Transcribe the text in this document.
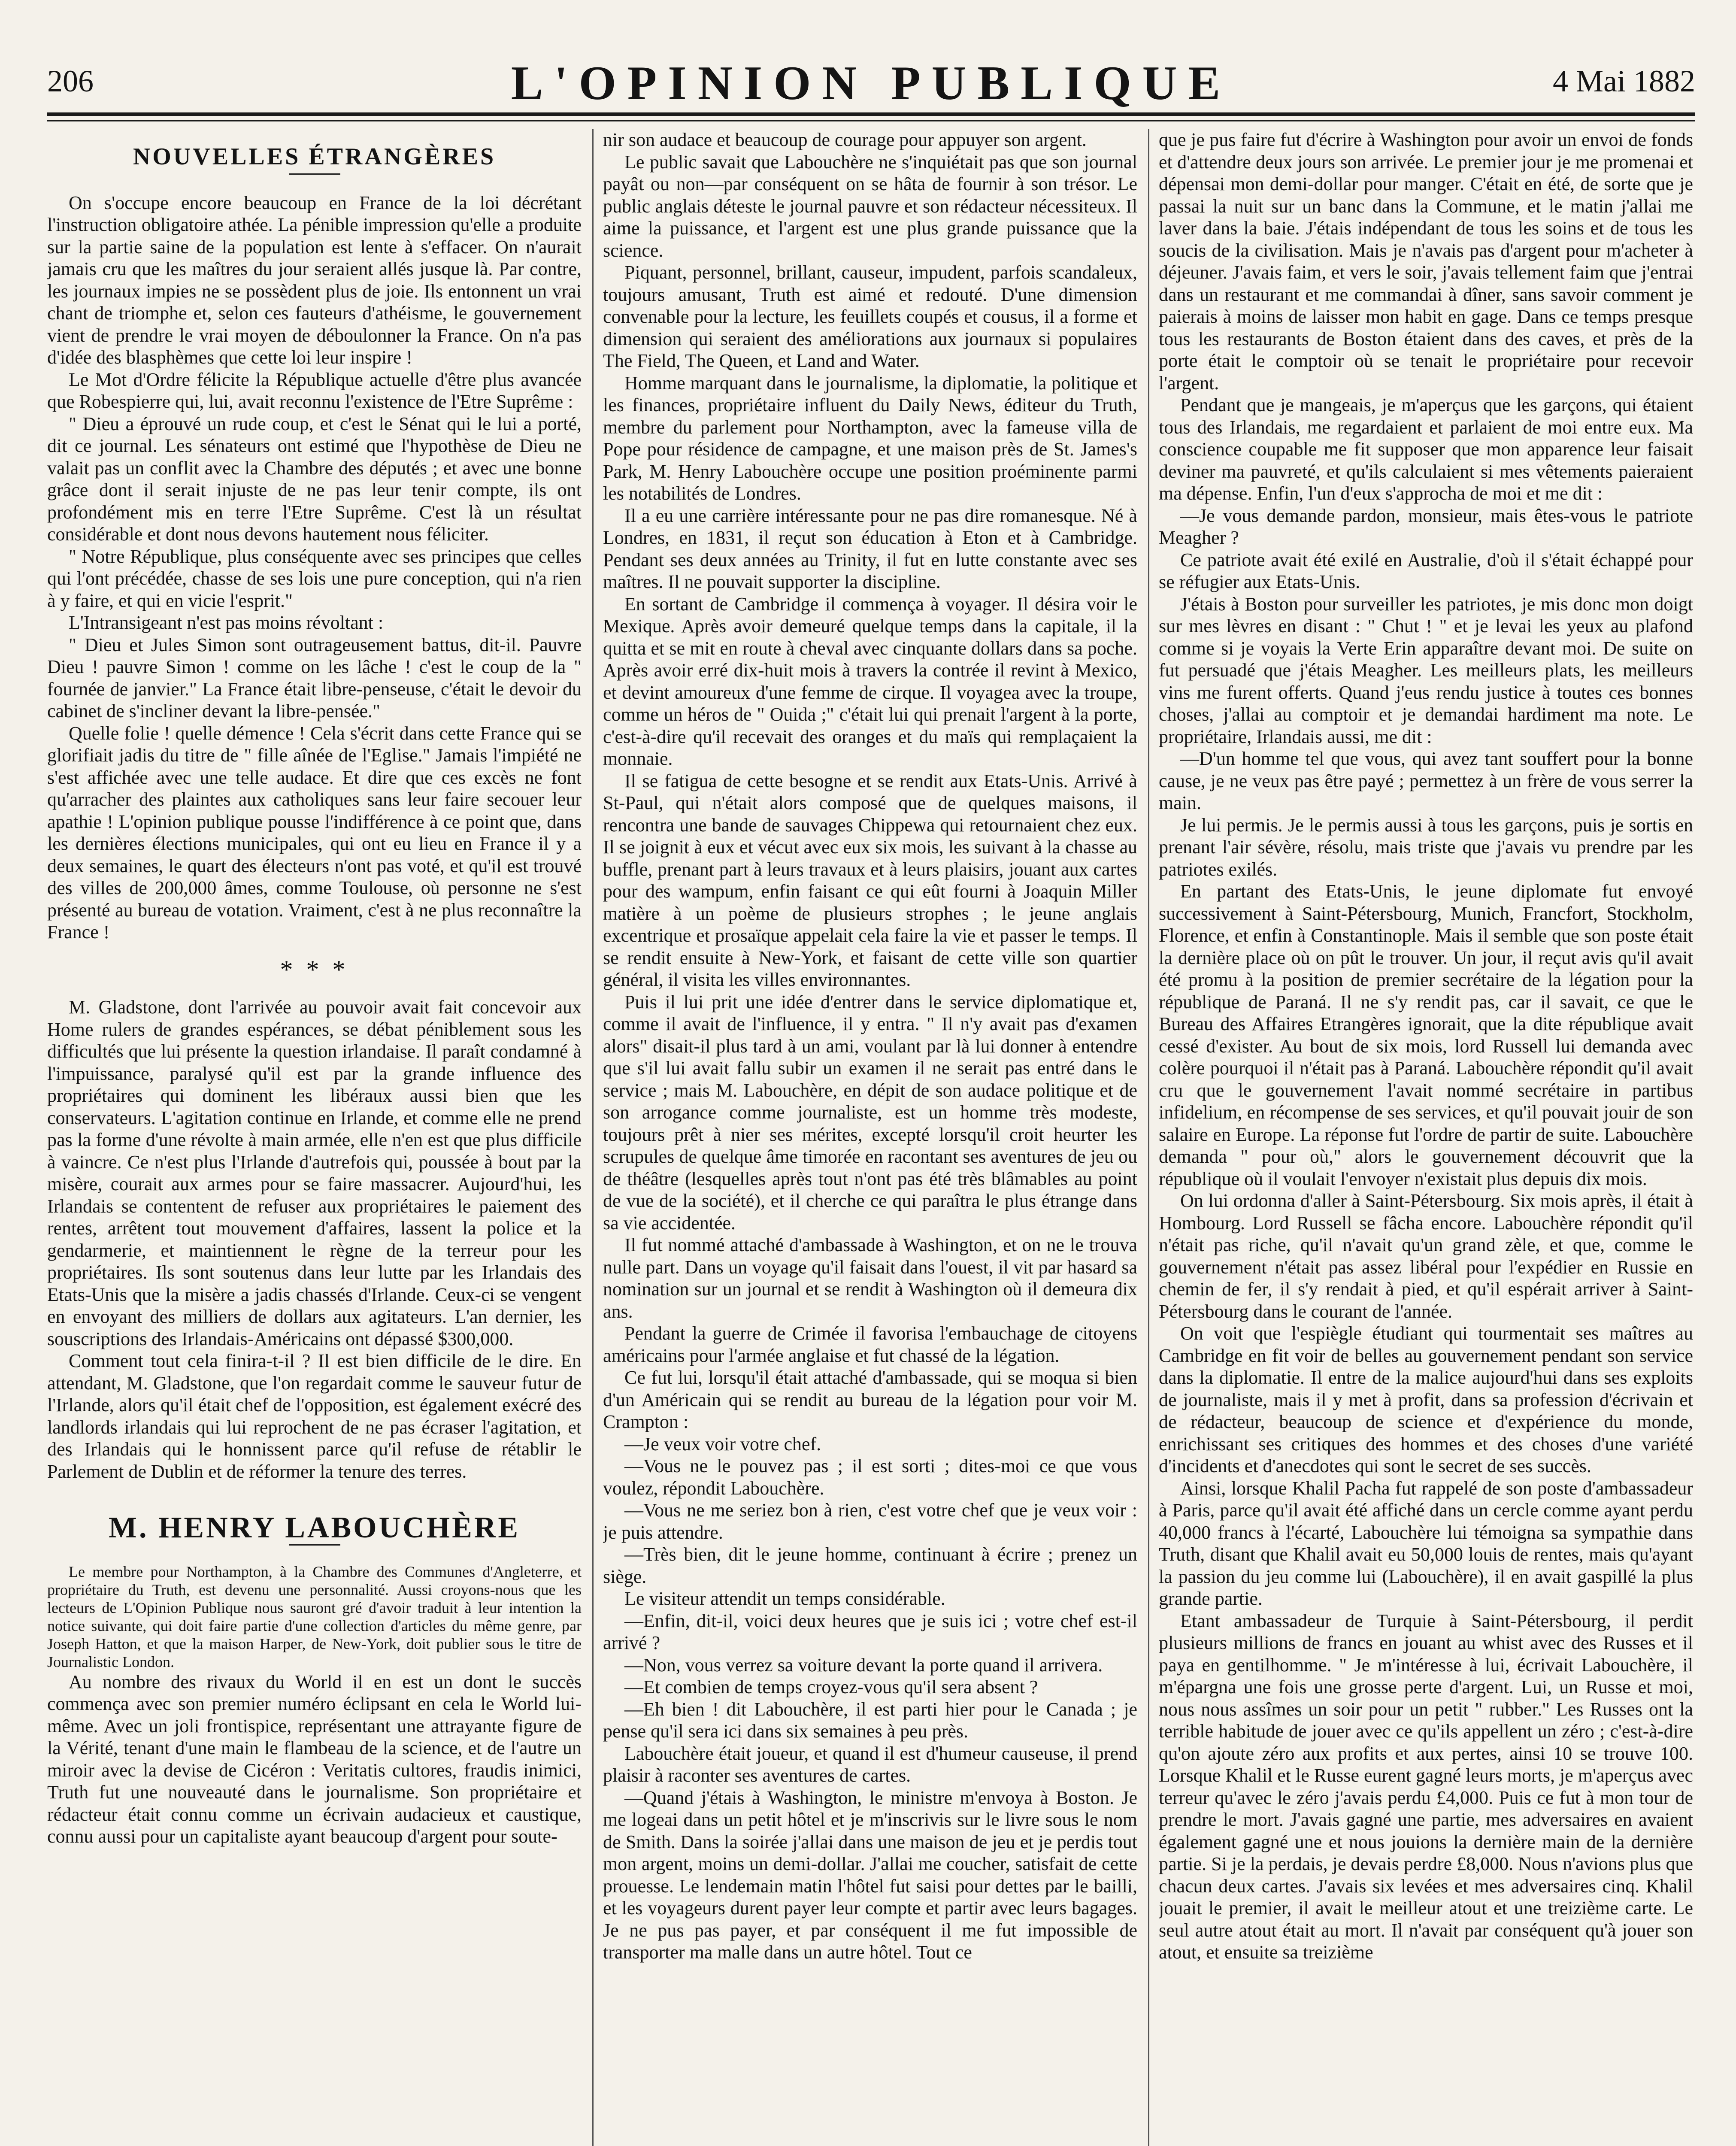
206	L'OPINION PUBLIQUE	4 Mai 1882
NOUVELLES ÉTRANGÈRES

On s'occupe encore beaucoup en France de la loi décrétant l'instruction obligatoire athée. La pénible impression qu'elle a produite sur la partie saine de la population est lente à s'effacer. On n'aurait jamais cru que les maîtres du jour seraient allés jusque là. Par contre, les journaux impies ne se possèdent plus de joie. Ils entonnent un vrai chant de triomphe et, selon ces fauteurs d'athéisme, le gouvernement vient de prendre le vrai moyen de déboulonner la France. On n'a pas d'idée des blasphèmes que cette loi leur inspire !

Le Mot d'Ordre félicite la République actuelle d'être plus avancée que Robespierre qui, lui, avait reconnu l'existence de l'Etre Suprême :

" Dieu a éprouvé un rude coup, et c'est le Sénat qui le lui a porté, dit ce journal. Les sénateurs ont estimé que l'hypothèse de Dieu ne valait pas un conflit avec la Chambre des députés ; et avec une bonne grâce dont il serait injuste de ne pas leur tenir compte, ils ont profondément mis en terre l'Etre Suprême. C'est là un résultat considérable et dont nous devons hautement nous féliciter.

" Notre République, plus conséquente avec ses principes que celles qui l'ont précédée, chasse de ses lois une pure conception, qui n'a rien à y faire, et qui en vicie l'esprit."

L'Intransigeant n'est pas moins révoltant :

" Dieu et Jules Simon sont outrageusement battus, dit-il. Pauvre Dieu ! pauvre Simon ! comme on les lâche ! c'est le coup de la " fournée de janvier." La France était libre-penseuse, c'était le devoir du cabinet de s'incliner devant la libre-pensée."

Quelle folie ! quelle démence ! Cela s'écrit dans cette France qui se glorifiait jadis du titre de " fille aînée de l'Eglise." Jamais l'impiété ne s'est affichée avec une telle audace. Et dire que ces excès ne font qu'arracher des plaintes aux catholiques sans leur faire secouer leur apathie ! L'opinion publique pousse l'indifférence à ce point que, dans les dernières élections municipales, qui ont eu lieu en France il y a deux semaines, le quart des électeurs n'ont pas voté, et qu'il est trouvé des villes de 200,000 âmes, comme Toulouse, où personne ne s'est présenté au bureau de votation. Vraiment, c'est à ne plus reconnaître la France !

* * *

M. Gladstone, dont l'arrivée au pouvoir avait fait concevoir aux Home rulers de grandes espérances, se débat péniblement sous les difficultés que lui présente la question irlandaise. Il paraît condamné à l'impuissance, paralysé qu'il est par la grande influence des propriétaires qui dominent les libéraux aussi bien que les conservateurs. L'agitation continue en Irlande, et comme elle ne prend pas la forme d'une révolte à main armée, elle n'en est que plus difficile à vaincre. Ce n'est plus l'Irlande d'autrefois qui, poussée à bout par la misère, courait aux armes pour se faire massacrer. Aujourd'hui, les Irlandais se contentent de refuser aux propriétaires le paiement des rentes, arrêtent tout mouvement d'affaires, lassent la police et la gendarmerie, et maintiennent le règne de la terreur pour les propriétaires. Ils sont soutenus dans leur lutte par les Irlandais des Etats-Unis que la misère a jadis chassés d'Irlande. Ceux-ci se vengent en envoyant des milliers de dollars aux agitateurs. L'an dernier, les souscriptions des Irlandais-Américains ont dépassé $300,000.

Comment tout cela finira-t-il ? Il est bien difficile de le dire. En attendant, M. Gladstone, que l'on regardait comme le sauveur futur de l'Irlande, alors qu'il était chef de l'opposition, est également exécré des landlords irlandais qui lui reprochent de ne pas écraser l'agitation, et des Irlandais qui le honnissent parce qu'il refuse de rétablir le Parlement de Dublin et de réformer la tenure des terres.

M. HENRY LABOUCHÈRE

Le membre pour Northampton, à la Chambre des Communes d'Angleterre, et propriétaire du Truth, est devenu une personnalité. Aussi croyons-nous que les lecteurs de L'Opinion Publique nous sauront gré d'avoir traduit à leur intention la notice suivante, qui doit faire partie d'une collection d'articles du même genre, par Joseph Hatton, et que la maison Harper, de New-York, doit publier sous le titre de Journalistic London.

Au nombre des rivaux du World il en est un dont le succès commença avec son premier numéro éclipsant en cela le World lui-même. Avec un joli frontispice, représentant une attrayante figure de la Vérité, tenant d'une main le flambeau de la science, et de l'autre un miroir avec la devise de Cicéron : Veritatis cultores, fraudis inimici, Truth fut une nouveauté dans le journalisme. Son propriétaire et rédacteur était connu comme un écrivain audacieux et caustique, connu aussi pour un capitaliste ayant beaucoup d'argent pour soute-

nir son audace et beaucoup de courage pour appuyer son argent.

Le public savait que Labouchère ne s'inquiétait pas que son journal payât ou non—par conséquent on se hâta de fournir à son trésor. Le public anglais déteste le journal pauvre et son rédacteur nécessiteux. Il aime la puissance, et l'argent est une plus grande puissance que la science.

Piquant, personnel, brillant, causeur, impudent, parfois scandaleux, toujours amusant, Truth est aimé et redouté. D'une dimension convenable pour la lecture, les feuillets coupés et cousus, il a forme et dimension qui seraient des améliorations aux journaux si populaires The Field, The Queen, et Land and Water.

Homme marquant dans le journalisme, la diplomatie, la politique et les finances, propriétaire influent du Daily News, éditeur du Truth, membre du parlement pour Northampton, avec la fameuse villa de Pope pour résidence de campagne, et une maison près de St. James's Park, M. Henry Labouchère occupe une position proéminente parmi les notabilités de Londres.

Il a eu une carrière intéressante pour ne pas dire romanesque. Né à Londres, en 1831, il reçut son éducation à Eton et à Cambridge. Pendant ses deux années au Trinity, il fut en lutte constante avec ses maîtres. Il ne pouvait supporter la discipline.

En sortant de Cambridge il commença à voyager. Il désira voir le Mexique. Après avoir demeuré quelque temps dans la capitale, il la quitta et se mit en route à cheval avec cinquante dollars dans sa poche. Après avoir erré dix-huit mois à travers la contrée il revint à Mexico, et devint amoureux d'une femme de cirque. Il voyagea avec la troupe, comme un héros de " Ouida ;" c'était lui qui prenait l'argent à la porte, c'est-à-dire qu'il recevait des oranges et du maïs qui remplaçaient la monnaie.

Il se fatigua de cette besogne et se rendit aux Etats-Unis. Arrivé à St-Paul, qui n'était alors composé que de quelques maisons, il rencontra une bande de sauvages Chippewa qui retournaient chez eux. Il se joignit à eux et vécut avec eux six mois, les suivant à la chasse au buffle, prenant part à leurs travaux et à leurs plaisirs, jouant aux cartes pour des wampum, enfin faisant ce qui eût fourni à Joaquin Miller matière à un poème de plusieurs strophes ; le jeune anglais excentrique et prosaïque appelait cela faire la vie et passer le temps. Il se rendit ensuite à New-York, et faisant de cette ville son quartier général, il visita les villes environnantes.

Puis il lui prit une idée d'entrer dans le service diplomatique et, comme il avait de l'influence, il y entra. " Il n'y avait pas d'examen alors" disait-il plus tard à un ami, voulant par là lui donner à entendre que s'il lui avait fallu subir un examen il ne serait pas entré dans le service ; mais M. Labouchère, en dépit de son audace politique et de son arrogance comme journaliste, est un homme très modeste, toujours prêt à nier ses mérites, excepté lorsqu'il croit heurter les scrupules de quelque âme timorée en racontant ses aventures de jeu ou de théâtre (lesquelles après tout n'ont pas été très blâmables au point de vue de la société), et il cherche ce qui paraîtra le plus étrange dans sa vie accidentée.

Il fut nommé attaché d'ambassade à Washington, et on ne le trouva nulle part. Dans un voyage qu'il faisait dans l'ouest, il vit par hasard sa nomination sur un journal et se rendit à Washington où il demeura dix ans.

Pendant la guerre de Crimée il favorisa l'embauchage de citoyens américains pour l'armée anglaise et fut chassé de la légation.

Ce fut lui, lorsqu'il était attaché d'ambassade, qui se moqua si bien d'un Américain qui se rendit au bureau de la légation pour voir M. Crampton :

—Je veux voir votre chef.

—Vous ne le pouvez pas ; il est sorti ; dites-moi ce que vous voulez, répondit Labouchère.

—Vous ne me seriez bon à rien, c'est votre chef que je veux voir : je puis attendre.

—Très bien, dit le jeune homme, continuant à écrire ; prenez un siège.

Le visiteur attendit un temps considérable.

—Enfin, dit-il, voici deux heures que je suis ici ; votre chef est-il arrivé ?

—Non, vous verrez sa voiture devant la porte quand il arrivera.

—Et combien de temps croyez-vous qu'il sera absent ?

—Eh bien ! dit Labouchère, il est parti hier pour le Canada ; je pense qu'il sera ici dans six semaines à peu près.

Labouchère était joueur, et quand il est d'humeur causeuse, il prend plaisir à raconter ses aventures de cartes.

—Quand j'étais à Washington, le ministre m'envoya à Boston. Je me logeai dans un petit hôtel et je m'inscrivis sur le livre sous le nom de Smith. Dans la soirée j'allai dans une maison de jeu et je perdis tout mon argent, moins un demi-dollar. J'allai me coucher, satisfait de cette prouesse. Le lendemain matin l'hôtel fut saisi pour dettes par le bailli, et les voyageurs durent payer leur compte et partir avec leurs bagages. Je ne pus pas payer, et par conséquent il me fut impossible de transporter ma malle dans un autre hôtel. Tout ce

que je pus faire fut d'écrire à Washington pour avoir un envoi de fonds et d'attendre deux jours son arrivée. Le premier jour je me promenai et dépensai mon demi-dollar pour manger. C'était en été, de sorte que je passai la nuit sur un banc dans la Commune, et le matin j'allai me laver dans la baie. J'étais indépendant de tous les soins et de tous les soucis de la civilisation. Mais je n'avais pas d'argent pour m'acheter à déjeuner. J'avais faim, et vers le soir, j'avais tellement faim que j'entrai dans un restaurant et me commandai à dîner, sans savoir comment je paierais à moins de laisser mon habit en gage. Dans ce temps presque tous les restaurants de Boston étaient dans des caves, et près de la porte était le comptoir où se tenait le propriétaire pour recevoir l'argent.

Pendant que je mangeais, je m'aperçus que les garçons, qui étaient tous des Irlandais, me regardaient et parlaient de moi entre eux. Ma conscience coupable me fit supposer que mon apparence leur faisait deviner ma pauvreté, et qu'ils calculaient si mes vêtements paieraient ma dépense. Enfin, l'un d'eux s'approcha de moi et me dit :

—Je vous demande pardon, monsieur, mais êtes-vous le patriote Meagher ?

Ce patriote avait été exilé en Australie, d'où il s'était échappé pour se réfugier aux Etats-Unis.

J'étais à Boston pour surveiller les patriotes, je mis donc mon doigt sur mes lèvres en disant : " Chut ! " et je levai les yeux au plafond comme si je voyais la Verte Erin apparaître devant moi. De suite on fut persuadé que j'étais Meagher. Les meilleurs plats, les meilleurs vins me furent offerts. Quand j'eus rendu justice à toutes ces bonnes choses, j'allai au comptoir et je demandai hardiment ma note. Le propriétaire, Irlandais aussi, me dit :

—D'un homme tel que vous, qui avez tant souffert pour la bonne cause, je ne veux pas être payé ; permettez à un frère de vous serrer la main.

Je lui permis. Je le permis aussi à tous les garçons, puis je sortis en prenant l'air sévère, résolu, mais triste que j'avais vu prendre par les patriotes exilés.

En partant des Etats-Unis, le jeune diplomate fut envoyé successivement à Saint-Pétersbourg, Munich, Francfort, Stockholm, Florence, et enfin à Constantinople. Mais il semble que son poste était la dernière place où on pût le trouver. Un jour, il reçut avis qu'il avait été promu à la position de premier secrétaire de la légation pour la république de Paraná. Il ne s'y rendit pas, car il savait, ce que le Bureau des Affaires Etrangères ignorait, que la dite république avait cessé d'exister. Au bout de six mois, lord Russell lui demanda avec colère pourquoi il n'était pas à Paraná. Labouchère répondit qu'il avait cru que le gouvernement l'avait nommé secrétaire in partibus infidelium, en récompense de ses services, et qu'il pouvait jouir de son salaire en Europe. La réponse fut l'ordre de partir de suite. Labouchère demanda " pour où," alors le gouvernement découvrit que la république où il voulait l'envoyer n'existait plus depuis dix mois.

On lui ordonna d'aller à Saint-Pétersbourg. Six mois après, il était à Hombourg. Lord Russell se fâcha encore. Labouchère répondit qu'il n'était pas riche, qu'il n'avait qu'un grand zèle, et que, comme le gouvernement n'était pas assez libéral pour l'expédier en Russie en chemin de fer, il s'y rendait à pied, et qu'il espérait arriver à Saint-Pétersbourg dans le courant de l'année.

On voit que l'espiègle étudiant qui tourmentait ses maîtres au Cambridge en fit voir de belles au gouvernement pendant son service dans la diplomatie. Il entre de la malice aujourd'hui dans ses exploits de journaliste, mais il y met à profit, dans sa profession d'écrivain et de rédacteur, beaucoup de science et d'expérience du monde, enrichissant ses critiques des hommes et des choses d'une variété d'incidents et d'anecdotes qui sont le secret de ses succès.

Ainsi, lorsque Khalil Pacha fut rappelé de son poste d'ambassadeur à Paris, parce qu'il avait été affiché dans un cercle comme ayant perdu 40,000 francs à l'écarté, Labouchère lui témoigna sa sympathie dans Truth, disant que Khalil avait eu 50,000 louis de rentes, mais qu'ayant la passion du jeu comme lui (Labouchère), il en avait gaspillé la plus grande partie.

Etant ambassadeur de Turquie à Saint-Pétersbourg, il perdit plusieurs millions de francs en jouant au whist avec des Russes et il paya en gentilhomme. " Je m'intéresse à lui, écrivait Labouchère, il m'épargna une fois une grosse perte d'argent. Lui, un Russe et moi, nous nous assîmes un soir pour un petit " rubber." Les Russes ont la terrible habitude de jouer avec ce qu'ils appellent un zéro ; c'est-à-dire qu'on ajoute zéro aux profits et aux pertes, ainsi 10 se trouve 100. Lorsque Khalil et le Russe eurent gagné leurs morts, je m'aperçus avec terreur qu'avec le zéro j'avais perdu £4,000. Puis ce fut à mon tour de prendre le mort. J'avais gagné une partie, mes adversaires en avaient également gagné une et nous jouions la dernière main de la dernière partie. Si je la perdais, je devais perdre £8,000. Nous n'avions plus que chacun deux cartes. J'avais six levées et mes adversaires cinq. Khalil jouait le premier, il avait le meilleur atout et une treizième carte. Le seul autre atout était au mort. Il n'avait par conséquent qu'à jouer son atout, et ensuite sa treizième
